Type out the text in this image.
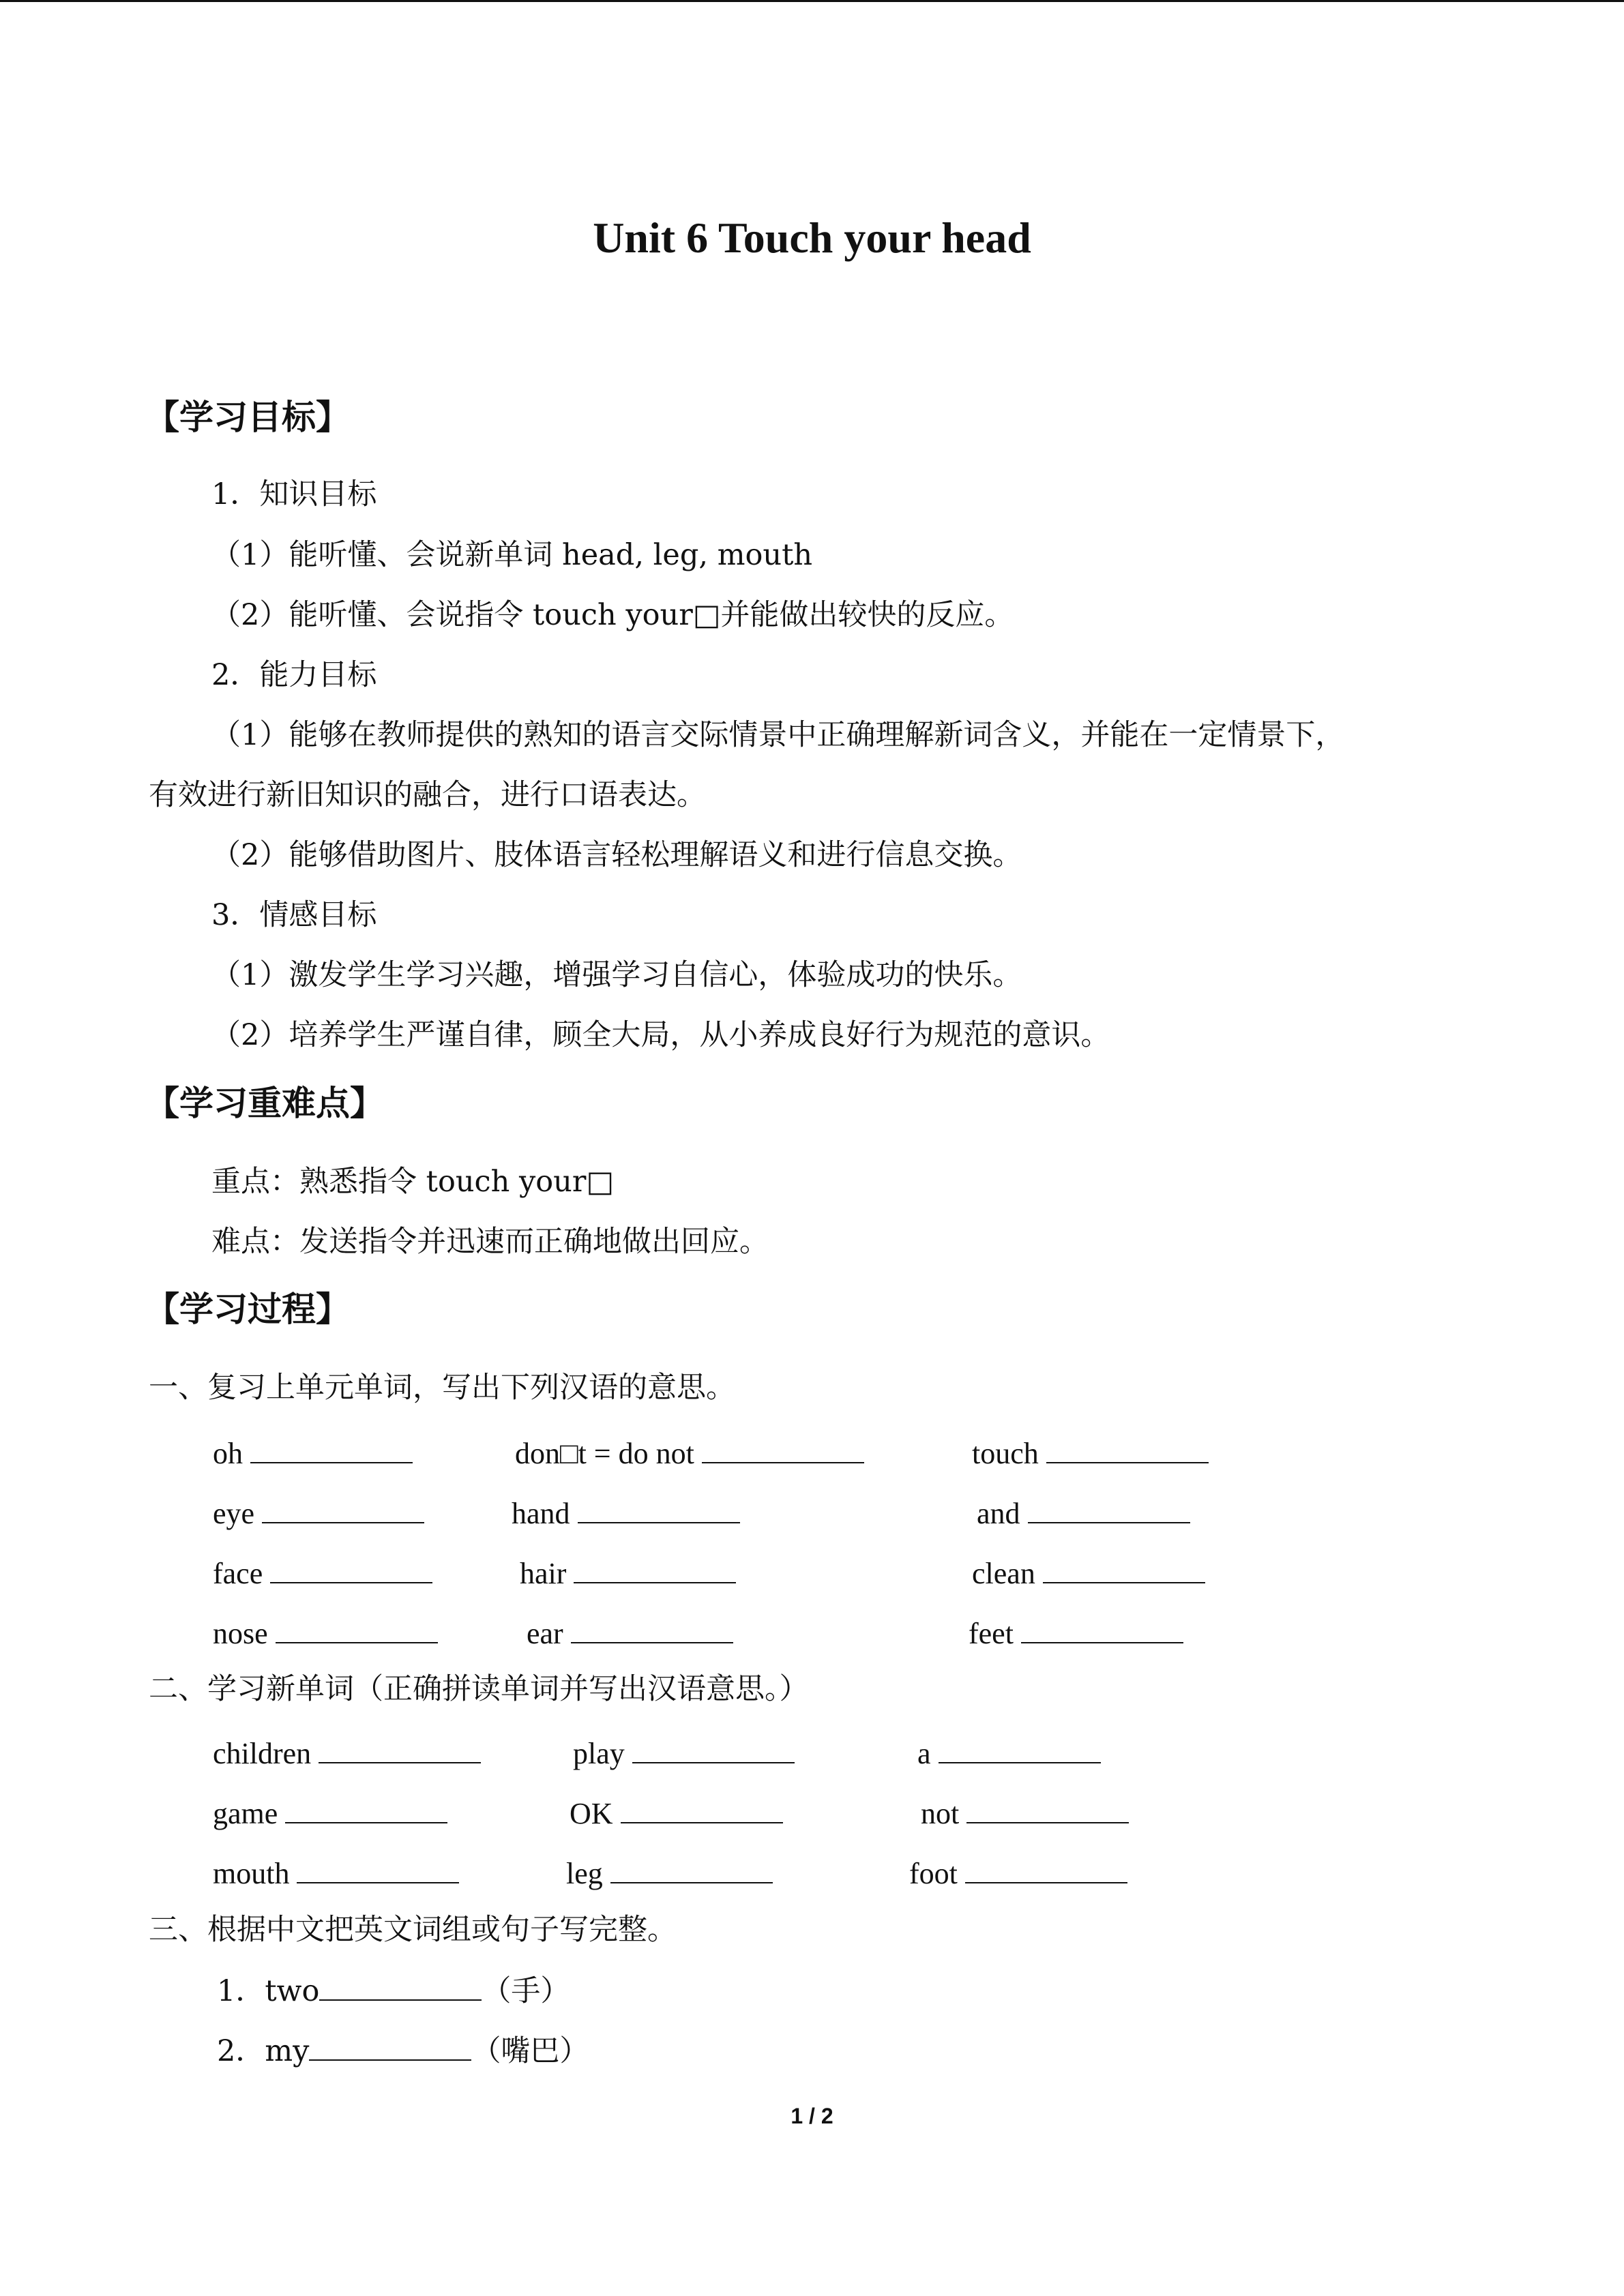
Unit 6 Touch your head
【学习目标】
1．知识目标
（1）能听懂、会说新单词 head, leg, mouth
（2）能听懂、会说指令 touch your□并能做出较快的反应。
2．能力目标
（1）能够在教师提供的熟知的语言交际情景中正确理解新词含义，并能在一定情景下，
有效进行新旧知识的融合，进行口语表达。
（2）能够借助图片、肢体语言轻松理解语义和进行信息交换。
3．情感目标
（1）激发学生学习兴趣，增强学习自信心，体验成功的快乐。
（2）培养学生严谨自律，顾全大局，从小养成良好行为规范的意识。
【学习重难点】
重点：熟悉指令 touch your□
难点：发送指令并迅速而正确地做出回应。
【学习过程】
一、复习上单元单词，写出下列汉语的意思。
oh	don□t = do not	touch
eye	hand	and
face	hair	clean
nose	ear	feet
二、学习新单词（正确拼读单词并写出汉语意思。）
children	play	a
game	OK	not
mouth	leg	foot
三、根据中文把英文词组或句子写完整。
1．two	（手）
2．my	（嘴巴）
1 / 2
